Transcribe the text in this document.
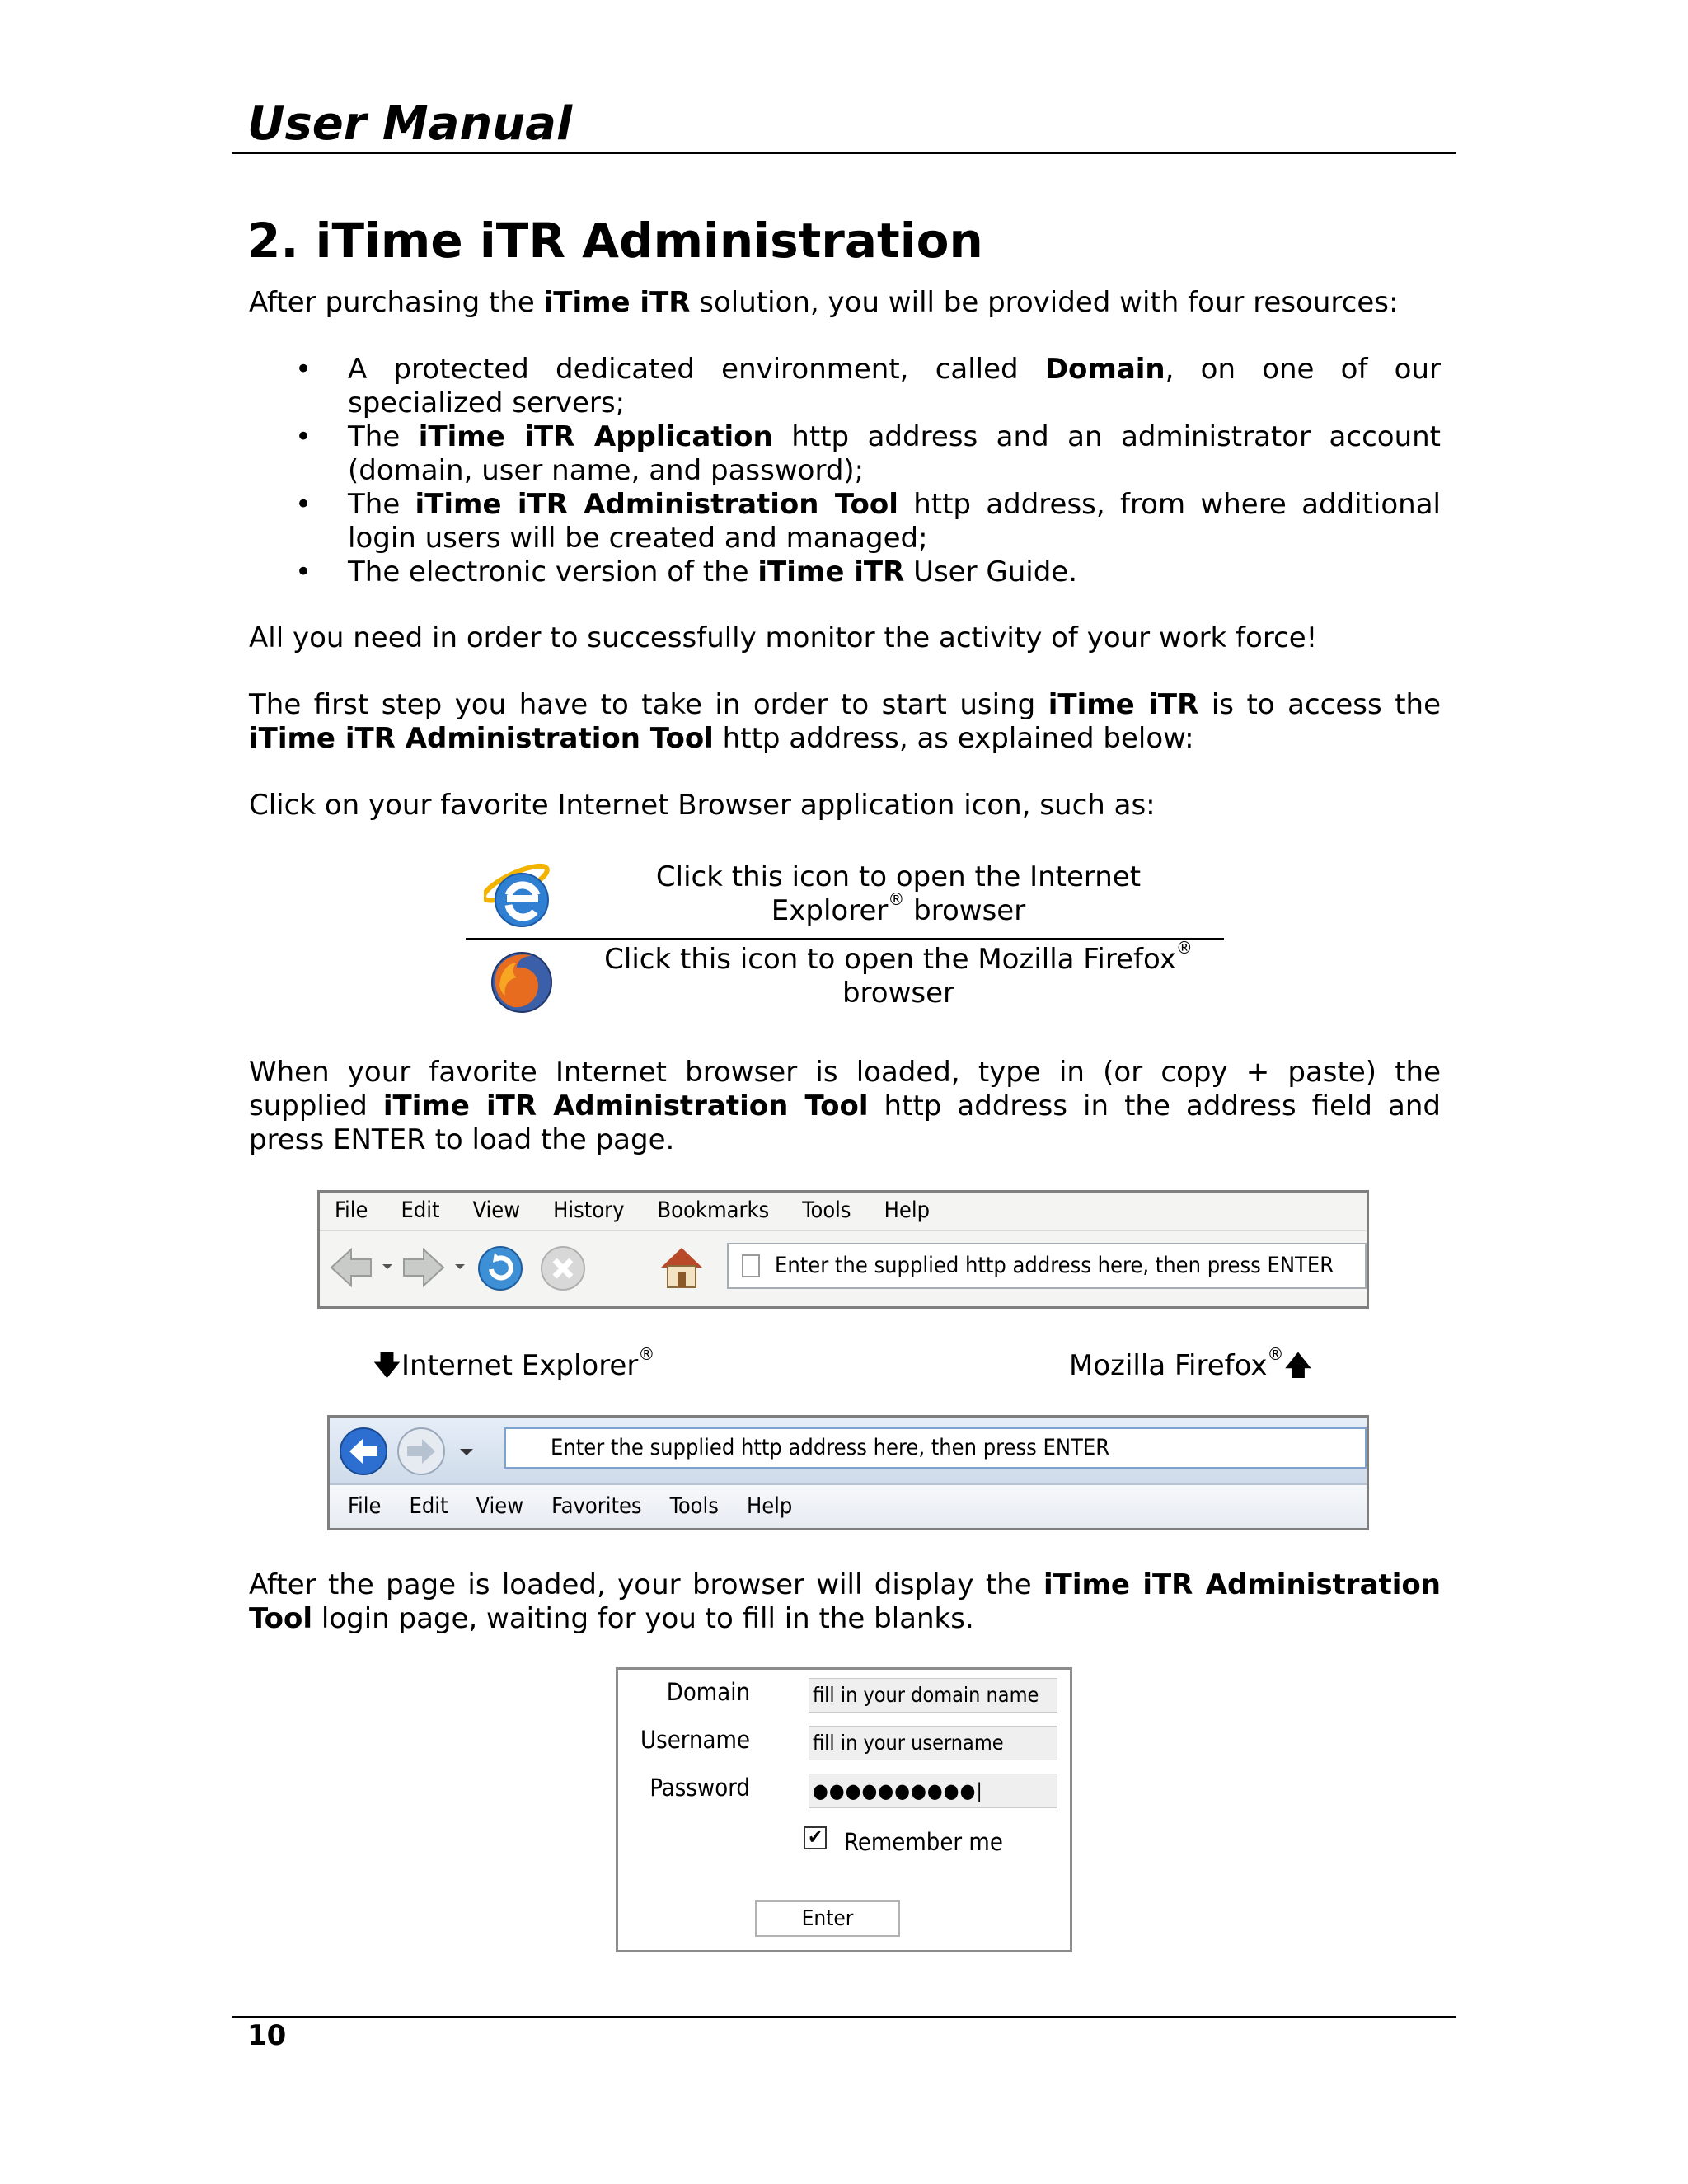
User Manual
2. iTime iTR Administration
After purchasing the iTime iTR solution, you will be provided with four resources:
• A protected dedicated environment, called Domain, on one of our specialized servers;
• The iTime iTR Application http address and an administrator account (domain, user name, and password);
• The iTime iTR Administration Tool http address, from where additional login users will be created and managed;
• The electronic version of the iTime iTR User Guide.
All you need in order to successfully monitor the activity of your work force!
The first step you have to take in order to start using iTime iTR is to access the iTime iTR Administration Tool http address, as explained below:
Click on your favorite Internet Browser application icon, such as:
Click this icon to open the Internet
Explorer® browser
Click this icon to open the Mozilla Firefox®
browser
When your favorite Internet browser is loaded, type in (or copy + paste) the supplied iTime iTR Administration Tool http address in the address field and press ENTER to load the page.
File Edit View History Bookmarks Tools Help
Enter the supplied http address here, then press ENTER
🡇Internet Explorer®	Mozilla Firefox®🡅
Enter the supplied http address here, then press ENTER
File Edit View Favorites Tools Help
After the page is loaded, your browser will display the iTime iTR Administration Tool login page, waiting for you to fill in the blanks.
Domain
Username
Password
fill in your domain name
fill in your username
●●●●●●●●●●|
✔ Remember me
Enter
10
